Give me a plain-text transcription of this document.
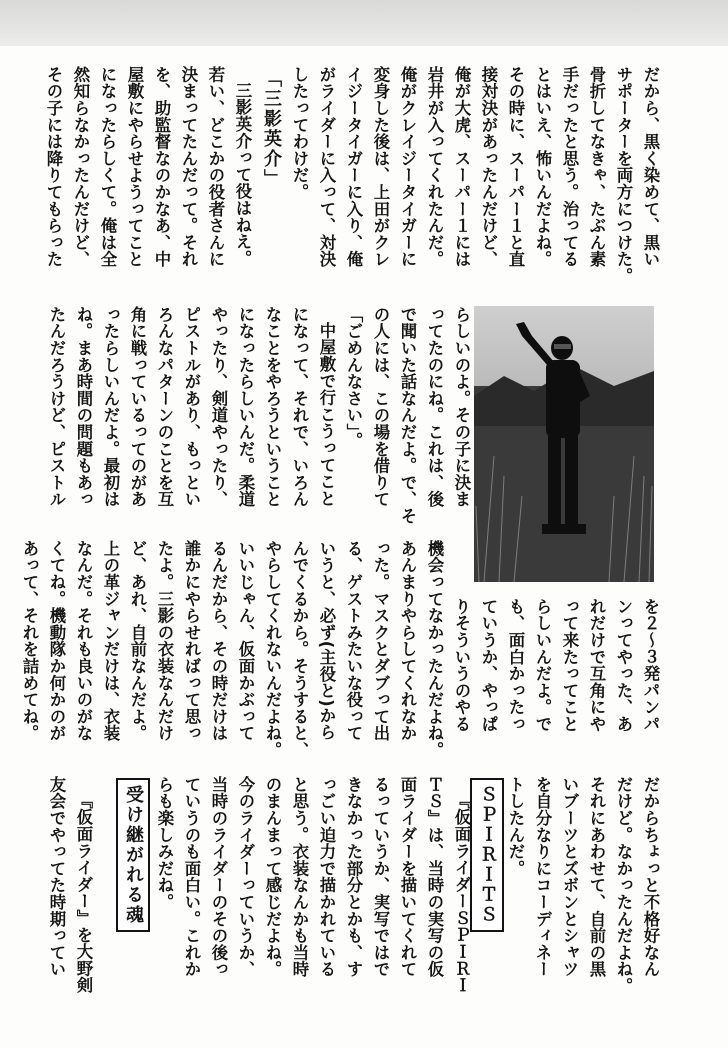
だから、黒く染めて、黒い
サポーターを両方につけた。
骨折してなきゃ、たぶん素
手だったと思う。治ってる
とはいえ、怖いんだよね。
その時に、スーパー１と直
接対決があったんだけど、
俺が大虎、スーパー１には
岩井が入ってくれたんだ。
俺がクレイジータイガーに
変身した後は、上田がクレ
イジータイガーに入り、俺
がライダーに入って、対決
したってわけだ。
「三影英介」
三影英介って役はねえ。
若い、どこかの役者さんに
決まってたんだって。それ
を、助監督なのかなあ、中
屋敷にやらせようってこと
になったらしくて。俺は全
然知らなかったんだけど、
その子には降りてもらった
らしいのよ。その子に決ま
ってたのにね。これは、後
で聞いた話なんだよ。で、そ
の人には、この場を借りて
「ごめんなさい」。
中屋敷で行こうってこと
になって、それで、いろん
なことをやろうということ
になったらしいんだ。柔道
やったり、剣道やったり、
ピストルがあり、もっとい
ろんなパターンのことを互
角に戦っているってのがあ
ったらしいんだよ。最初は
ね。まあ時間の問題もあっ
たんだろうけど、ピストル
を２〜３発パンパ
ンってやった、あ
れだけで互角にや
って来たってこと
らしいんだよ。で
も、面白かったっ
ていうか、やっぱ
りそういうのやる
機会ってなかったんだよね。
あんまりやらしてくれなか
った。マスクとダブって出
る、ゲストみたいな役って
いうと、必ず(主役と)から
んでくるから。そうすると、
やらしてくれないんだよね。
いいじゃん、仮面かぶって
るんだから、その時だけは
誰かにやらせればって思っ
たよ。三影の衣装なんだけ
ど、あれ、自前なんだよ。
上の革ジャンだけは、衣装
なんだ。それも良いのがな
くてね。機動隊か何かのが
あって、それを詰めてね。
だからちょっと不格好なん
だけど。なかったんだよね。
それにあわせて、自前の黒
いブーツとズボンとシャツ
を自分なりにコーディネー
トしたんだ。
ＳＰＩＲＩＴＳ
『仮面ライダーＳＰＩＲＩ
ＴＳ』は、当時の実写の仮
面ライダーを描いてくれて
るっていうか、実写ではで
きなかった部分とかも、す
っごい迫力で描かれている
と思う。衣装なんかも当時
のまんまって感じだよね。
今のライダーっていうか、
当時のライダーのその後っ
ていうのも面白い。これか
らも楽しみだね。
受け継がれる魂
『仮面ライダー』を大野剣
友会でやってた時期ってい
